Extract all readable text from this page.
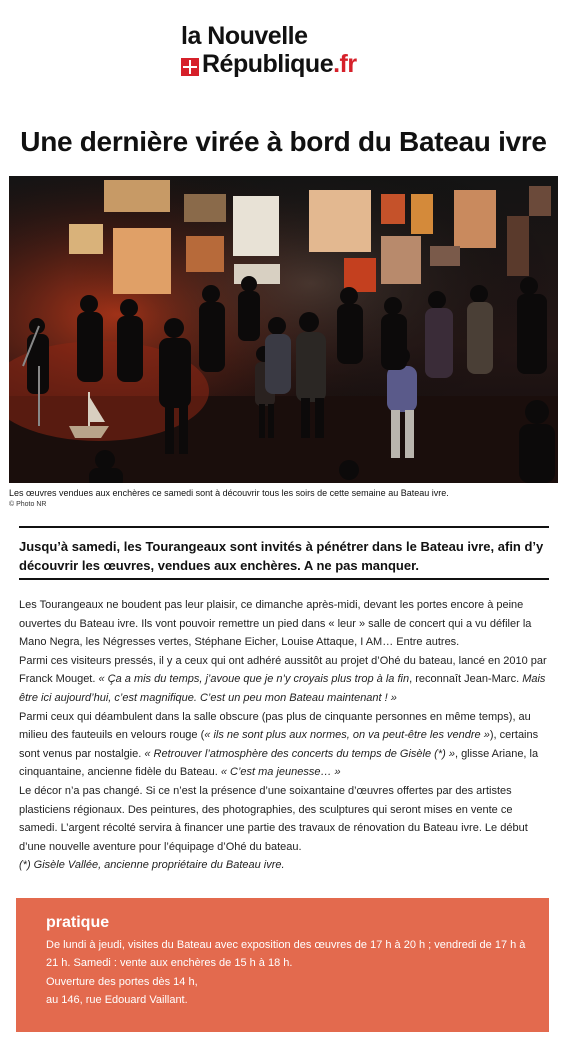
la Nouvelle
République.fr
Une dernière virée à bord du Bateau ivre
Les œuvres vendues aux enchères ce samedi sont à découvrir tous les soirs de cette semaine au Bateau ivre.
© Photo NR

Jusqu’à samedi, les Tourangeaux sont invités à pénétrer dans le Bateau ivre, afin d’y découvrir les œuvres, vendues aux enchères. A ne pas manquer.

Les Tourangeaux ne boudent pas leur plaisir, ce dimanche après-midi, devant les portes encore à peine ouvertes du Bateau ivre. Ils vont pouvoir remettre un pied dans « leur » salle de concert qui a vu défiler la Mano Negra, les Négresses vertes, Stéphane Eicher, Louise Attaque, I AM… Entre autres.

Parmi ces visiteurs pressés, il y a ceux qui ont adhéré aussitôt au projet d’Ohé du bateau, lancé en 2010 par Franck Mouget. « Ça a mis du temps, j’avoue que je n’y croyais plus trop à la fin, reconnaît Jean-Marc. Mais être ici aujourd’hui, c’est magnifique. C’est un peu mon Bateau maintenant ! »

Parmi ceux qui déambulent dans la salle obscure (pas plus de cinquante personnes en même temps), au milieu des fauteuils en velours rouge (« ils ne sont plus aux normes, on va peut-être les vendre »), certains sont venus par nostalgie. « Retrouver l’atmosphère des concerts du temps de Gisèle (*) », glisse Ariane, la cinquantaine, ancienne fidèle du Bateau. « C’est ma jeunesse… »

Le décor n’a pas changé. Si ce n’est la présence d’une soixantaine d’œuvres offertes par des artistes plasticiens régionaux. Des peintures, des photographies, des sculptures qui seront mises en vente ce samedi. L’argent récolté servira à financer une partie des travaux de rénovation du Bateau ivre. Le début d’une nouvelle aventure pour l’équipage d’Ohé du bateau.

(*) Gisèle Vallée, ancienne propriétaire du Bateau ivre.

pratique
De lundi à jeudi, visites du Bateau avec exposition des œuvres de 17 h à 20 h ; vendredi de 17 h à 21 h. Samedi : vente aux enchères de 15 h à 18 h.
Ouverture des portes dès 14 h,
au 146, rue Edouard Vaillant.
